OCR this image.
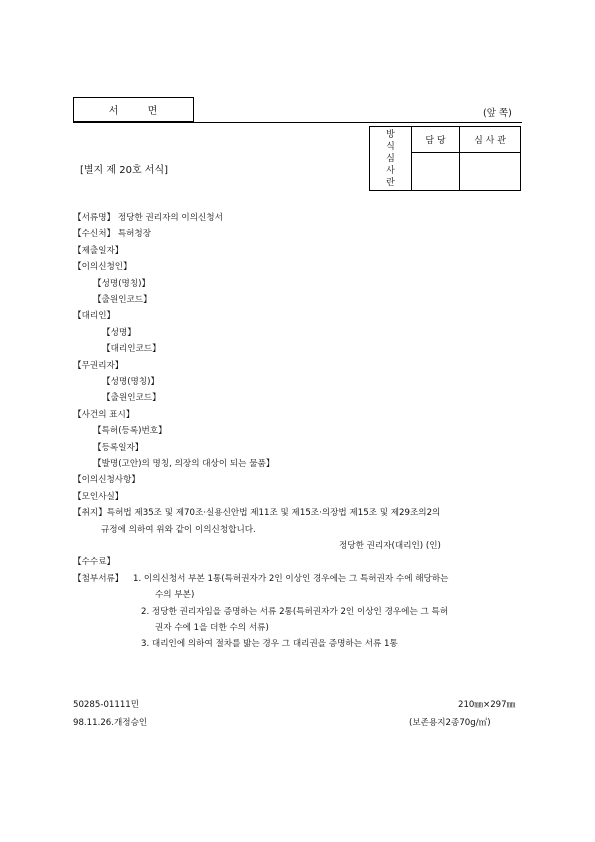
서 면	(앞 쪽)
[별지 제 20호 서식]
방
식
심
사
란	담 당	심 사 관

【서류명】 정당한 권리자의 이의신청서
【수신처】 특허청장
【제출일자】
【이의신청인】
【성명(명칭)】
【출원인코드】
【대리인】
【성명】
【대리인코드】
【무권리자】
【성명(명칭)】
【출원인코드】
【사건의 표시】
【특허(등록)번호】
【등록일자】
【발명(고안)의 명칭, 의장의 대상이 되는 물품】
【이의신청사항】
【모인사실】
【취지】특허법 제35조 및 제70조·실용신안법 제11조 및 제15조·의장법 제15조 및 제29조의2의
규정에 의하여 위와 같이 이의신청합니다.
정당한 권리자(대리인) (인)
【수수료】
【첨부서류】 1. 이의신청서 부본 1통(특허권자가 2인 이상인 경우에는 그 특허권자 수에 해당하는
수의 부본)
2. 정당한 권리자임을 증명하는 서류 2통(특허권자가 2인 이상인 경우에는 그 특허
권자 수에 1을 더한 수의 서류)
3. 대리인에 의하여 절차를 밟는 경우 그 대리권을 증명하는 서류 1통
50285-01111민
98.11.26.개정승인
210㎜×297㎜
(보존용지2종70g/㎡)
